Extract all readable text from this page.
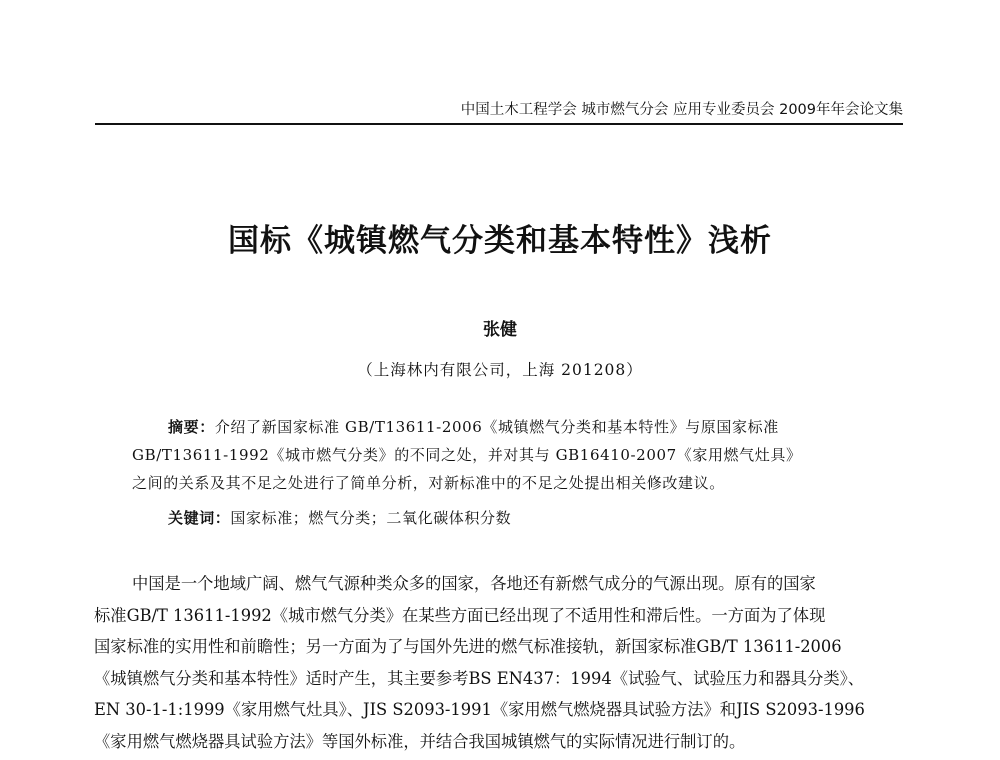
中国土木工程学会 城市燃气分会 应用专业委员会 2009年年会论文集
国标《城镇燃气分类和基本特性》浅析
张健
（上海林内有限公司，上海 201208）
摘要：介绍了新国家标准 GB/T13611-2006《城镇燃气分类和基本特性》与原国家标准
GB/T13611-1992《城市燃气分类》的不同之处，并对其与 GB16410-2007《家用燃气灶具》
之间的关系及其不足之处进行了简单分析，对新标准中的不足之处提出相关修改建议。
关键词：国家标准；燃气分类；二氧化碳体积分数
中国是一个地域广阔、燃气气源种类众多的国家，各地还有新燃气成分的气源出现。原有的国家
标准GB/T 13611-1992《城市燃气分类》在某些方面已经出现了不适用性和滞后性。一方面为了体现
国家标准的实用性和前瞻性；另一方面为了与国外先进的燃气标准接轨，新国家标准GB/T 13611-2006
《城镇燃气分类和基本特性》适时产生，其主要参考BS EN437：1994《试验气、试验压力和器具分类》、
EN 30-1-1:1999《家用燃气灶具》、JIS S2093-1991《家用燃气燃烧器具试验方法》和JIS S2093-1996
《家用燃气燃烧器具试验方法》等国外标准，并结合我国城镇燃气的实际情况进行制订的。
